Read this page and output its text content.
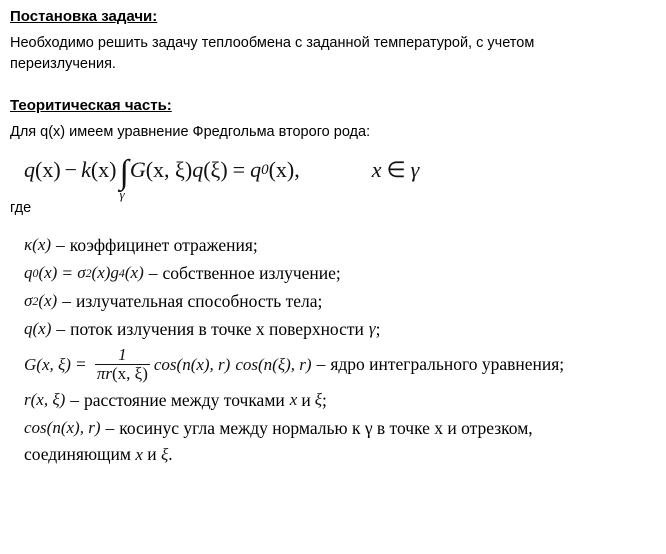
Постановка задачи:

Необходимо решить задачу теплообмена с заданной температурой, с учетом переизлучения.

Теоритическая часть:

Для q(x) имеем уравнение Фредгольма второго рода:

q (x) − k (x) ∫
γ
G (x, ξ) q (ξ) = q 0 (x),	x ∈ γ

где

κ (x) – коэффицинет отражения;
q 0 (x) = σ 2 (x) g 4 (x) – собственное излучение;
σ 2 (x) – излучательная способность тела;
q (x) – поток излучения в точке х поверхности γ ;
G (x, $\xi) = \frac{1}{\pi r(x, \xi)}$ cos (n(x), r) cos (n(ξ), r) – ядро интегрального уравнения;
r (x, ξ) – расстояние между точками x и ξ ;
cos (n(x), r) – косинус угла между нормалью к γ в точке х и отрезком,
соединяющим x и ξ.
